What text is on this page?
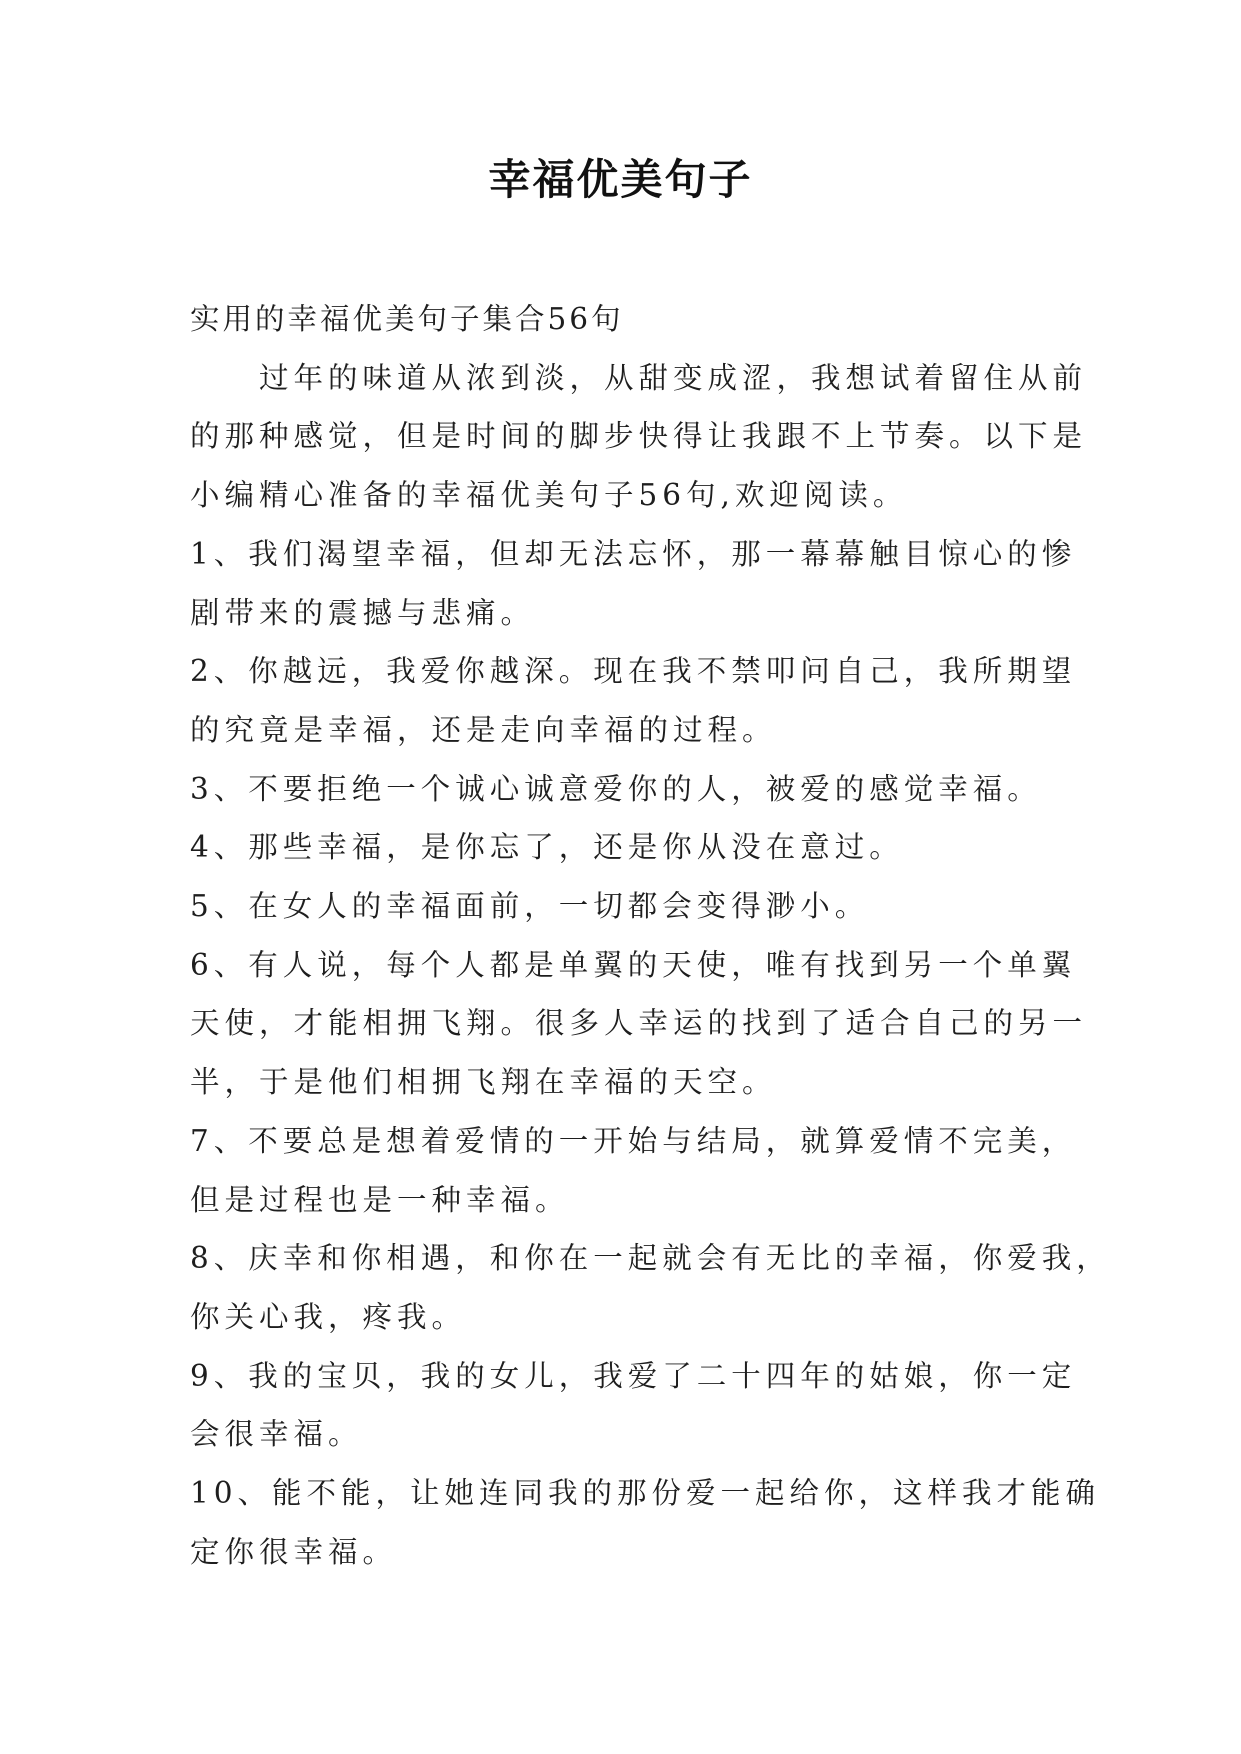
幸福优美句子
实用的幸福优美句子集合56句
过年的味道从浓到淡，从甜变成涩，我想试着留住从前
的那种感觉，但是时间的脚步快得让我跟不上节奏。以下是
小编精心准备的幸福优美句子56句,欢迎阅读。
1、我们渴望幸福，但却无法忘怀，那一幕幕触目惊心的惨
剧带来的震撼与悲痛。
2、你越远，我爱你越深。现在我不禁叩问自己，我所期望
的究竟是幸福，还是走向幸福的过程。
3、不要拒绝一个诚心诚意爱你的人，被爱的感觉幸福。
4、那些幸福，是你忘了，还是你从没在意过。
5、在女人的幸福面前，一切都会变得渺小。
6、有人说，每个人都是单翼的天使，唯有找到另一个单翼
天使，才能相拥飞翔。很多人幸运的找到了适合自己的另一
半，于是他们相拥飞翔在幸福的天空。
7、不要总是想着爱情的一开始与结局，就算爱情不完美，
但是过程也是一种幸福。
8、庆幸和你相遇，和你在一起就会有无比的幸福，你爱我，
你关心我，疼我。
9、我的宝贝，我的女儿，我爱了二十四年的姑娘，你一定
会很幸福。
10、能不能，让她连同我的那份爱一起给你，这样我才能确
定你很幸福。
